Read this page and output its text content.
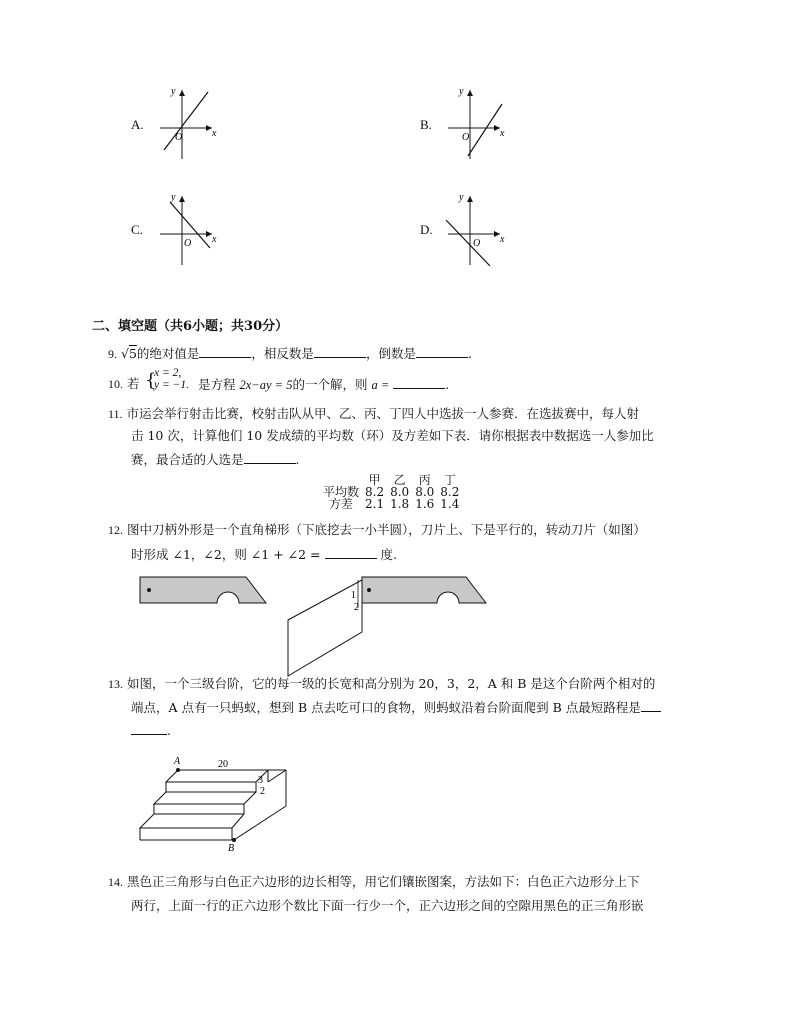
A.
y
x
O
B.
y
x
O
C.
y
x
O
D.
y
x
O
二、填空题（共6小题；共30分）
9. √5的绝对值是	，相反数是	，倒数是	.
10. 若 {
x = 2,
y = −1. 是方程 2x−ay = 5的一个解，则 a =	.
11. 市运会举行射击比赛，校射击队从甲、乙、丙、丁四人中选拔一人参赛．在选拔赛中，每人射
击 10 次，计算他们 10 发成绩的平均数（环）及方差如下表．请你根据表中数据选一人参加比
赛，最合适的人选是	.
	甲	乙	丙	丁
平均数	8.2	8.0	8.0	8.2
方差	2.1	1.8	1.6	1.4
12. 图中刀柄外形是一个直角梯形（下底挖去一小半圆），刀片上、下是平行的，转动刀片（如图）
时形成 ∠1，∠2，则 ∠1 + ∠2 =	度.
1
2
13. 如图，一个三级台阶，它的每一级的长宽和高分别为 20，3，2，A 和 B 是这个台阶两个相对的
端点，A 点有一只蚂蚁，想到 B 点去吃可口的食物，则蚂蚁沿着台阶面爬到 B 点最短路程是
.
A
B
20
3
2
14. 黑色正三角形与白色正六边形的边长相等，用它们镶嵌图案，方法如下：白色正六边形分上下
两行，上面一行的正六边形个数比下面一行少一个，正六边形之间的空隙用黑色的正三角形嵌
